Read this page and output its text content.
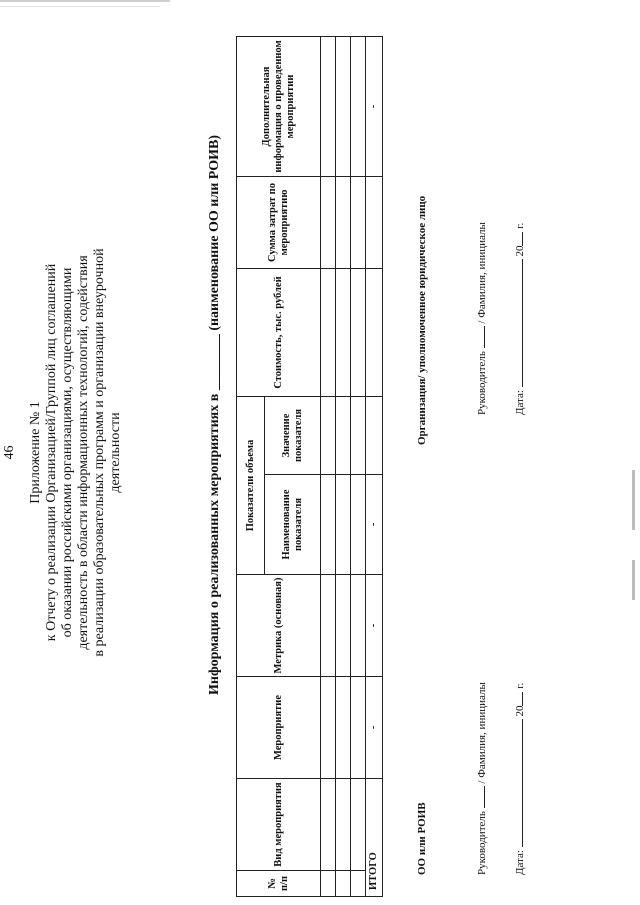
46 Приложение № 1 к Отчету о реализации Организацией/Группой лиц соглашений об оказании российскими организациями, осуществляющими деятельность в области информационных технологий, содействия в реализации образовательных программ и организации внеурочной деятельности	Информация о реализованных мероприятиях в ________ (наименование ОО или РОИВ)
№ п/п	Вид мероприятия	Мероприятие	Метрика (основная)	Показатели объема		Стоимость, тыс. рублей	Сумма затрат по мероприятию	Дополнительная информация о проведенном мероприятии
				Наименование показателя	Значение показателя			

ИТОГО		-	-	-				-
ОО или РОИВ
Организация/ уполномоченное юридическое лицо
Руководитель  / Фамилия, инициалы
Руководитель  / Фамилия, инициалы
Дата:  20 г.
Дата:  20 г.
